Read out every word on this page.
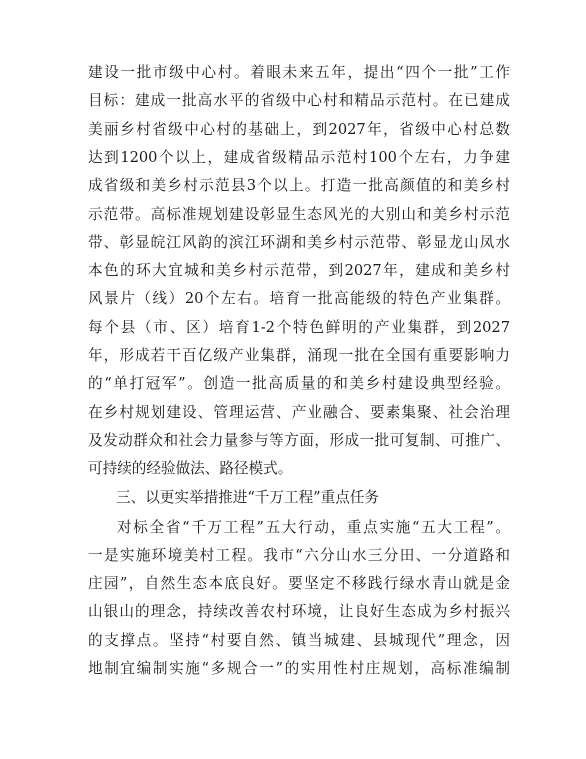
建设一批市级中心村。着眼未来五年，提出“四个一批”工作
目标：建成一批高水平的省级中心村和精品示范村。在已建成
美丽乡村省级中心村的基础上，到2027年，省级中心村总数
达到1200个以上，建成省级精品示范村100个左右，力争建
成省级和美乡村示范县3个以上。打造一批高颜值的和美乡村
示范带。高标准规划建设彰显生态风光的大别山和美乡村示范
带、彰显皖江风韵的滨江环湖和美乡村示范带、彰显龙山凤水
本色的环大宜城和美乡村示范带，到2027年，建成和美乡村
风景片（线）20个左右。培育一批高能级的特色产业集群。
每个县（市、区）培育1-2个特色鲜明的产业集群，到2027
年，形成若干百亿级产业集群，涌现一批在全国有重要影响力
的“单打冠军”。创造一批高质量的和美乡村建设典型经验。
在乡村规划建设、管理运营、产业融合、要素集聚、社会治理
及发动群众和社会力量参与等方面，形成一批可复制、可推广、
可持续的经验做法、路径模式。
三、以更实举措推进“千万工程”重点任务
对标全省“千万工程”五大行动，重点实施“五大工程”。
一是实施环境美村工程。我市“六分山水三分田、一分道路和
庄园”，自然生态本底良好。要坚定不移践行绿水青山就是金
山银山的理念，持续改善农村环境，让良好生态成为乡村振兴
的支撑点。坚持“村要自然、镇当城建、县城现代”理念，因
地制宜编制实施“多规合一”的实用性村庄规划，高标准编制
